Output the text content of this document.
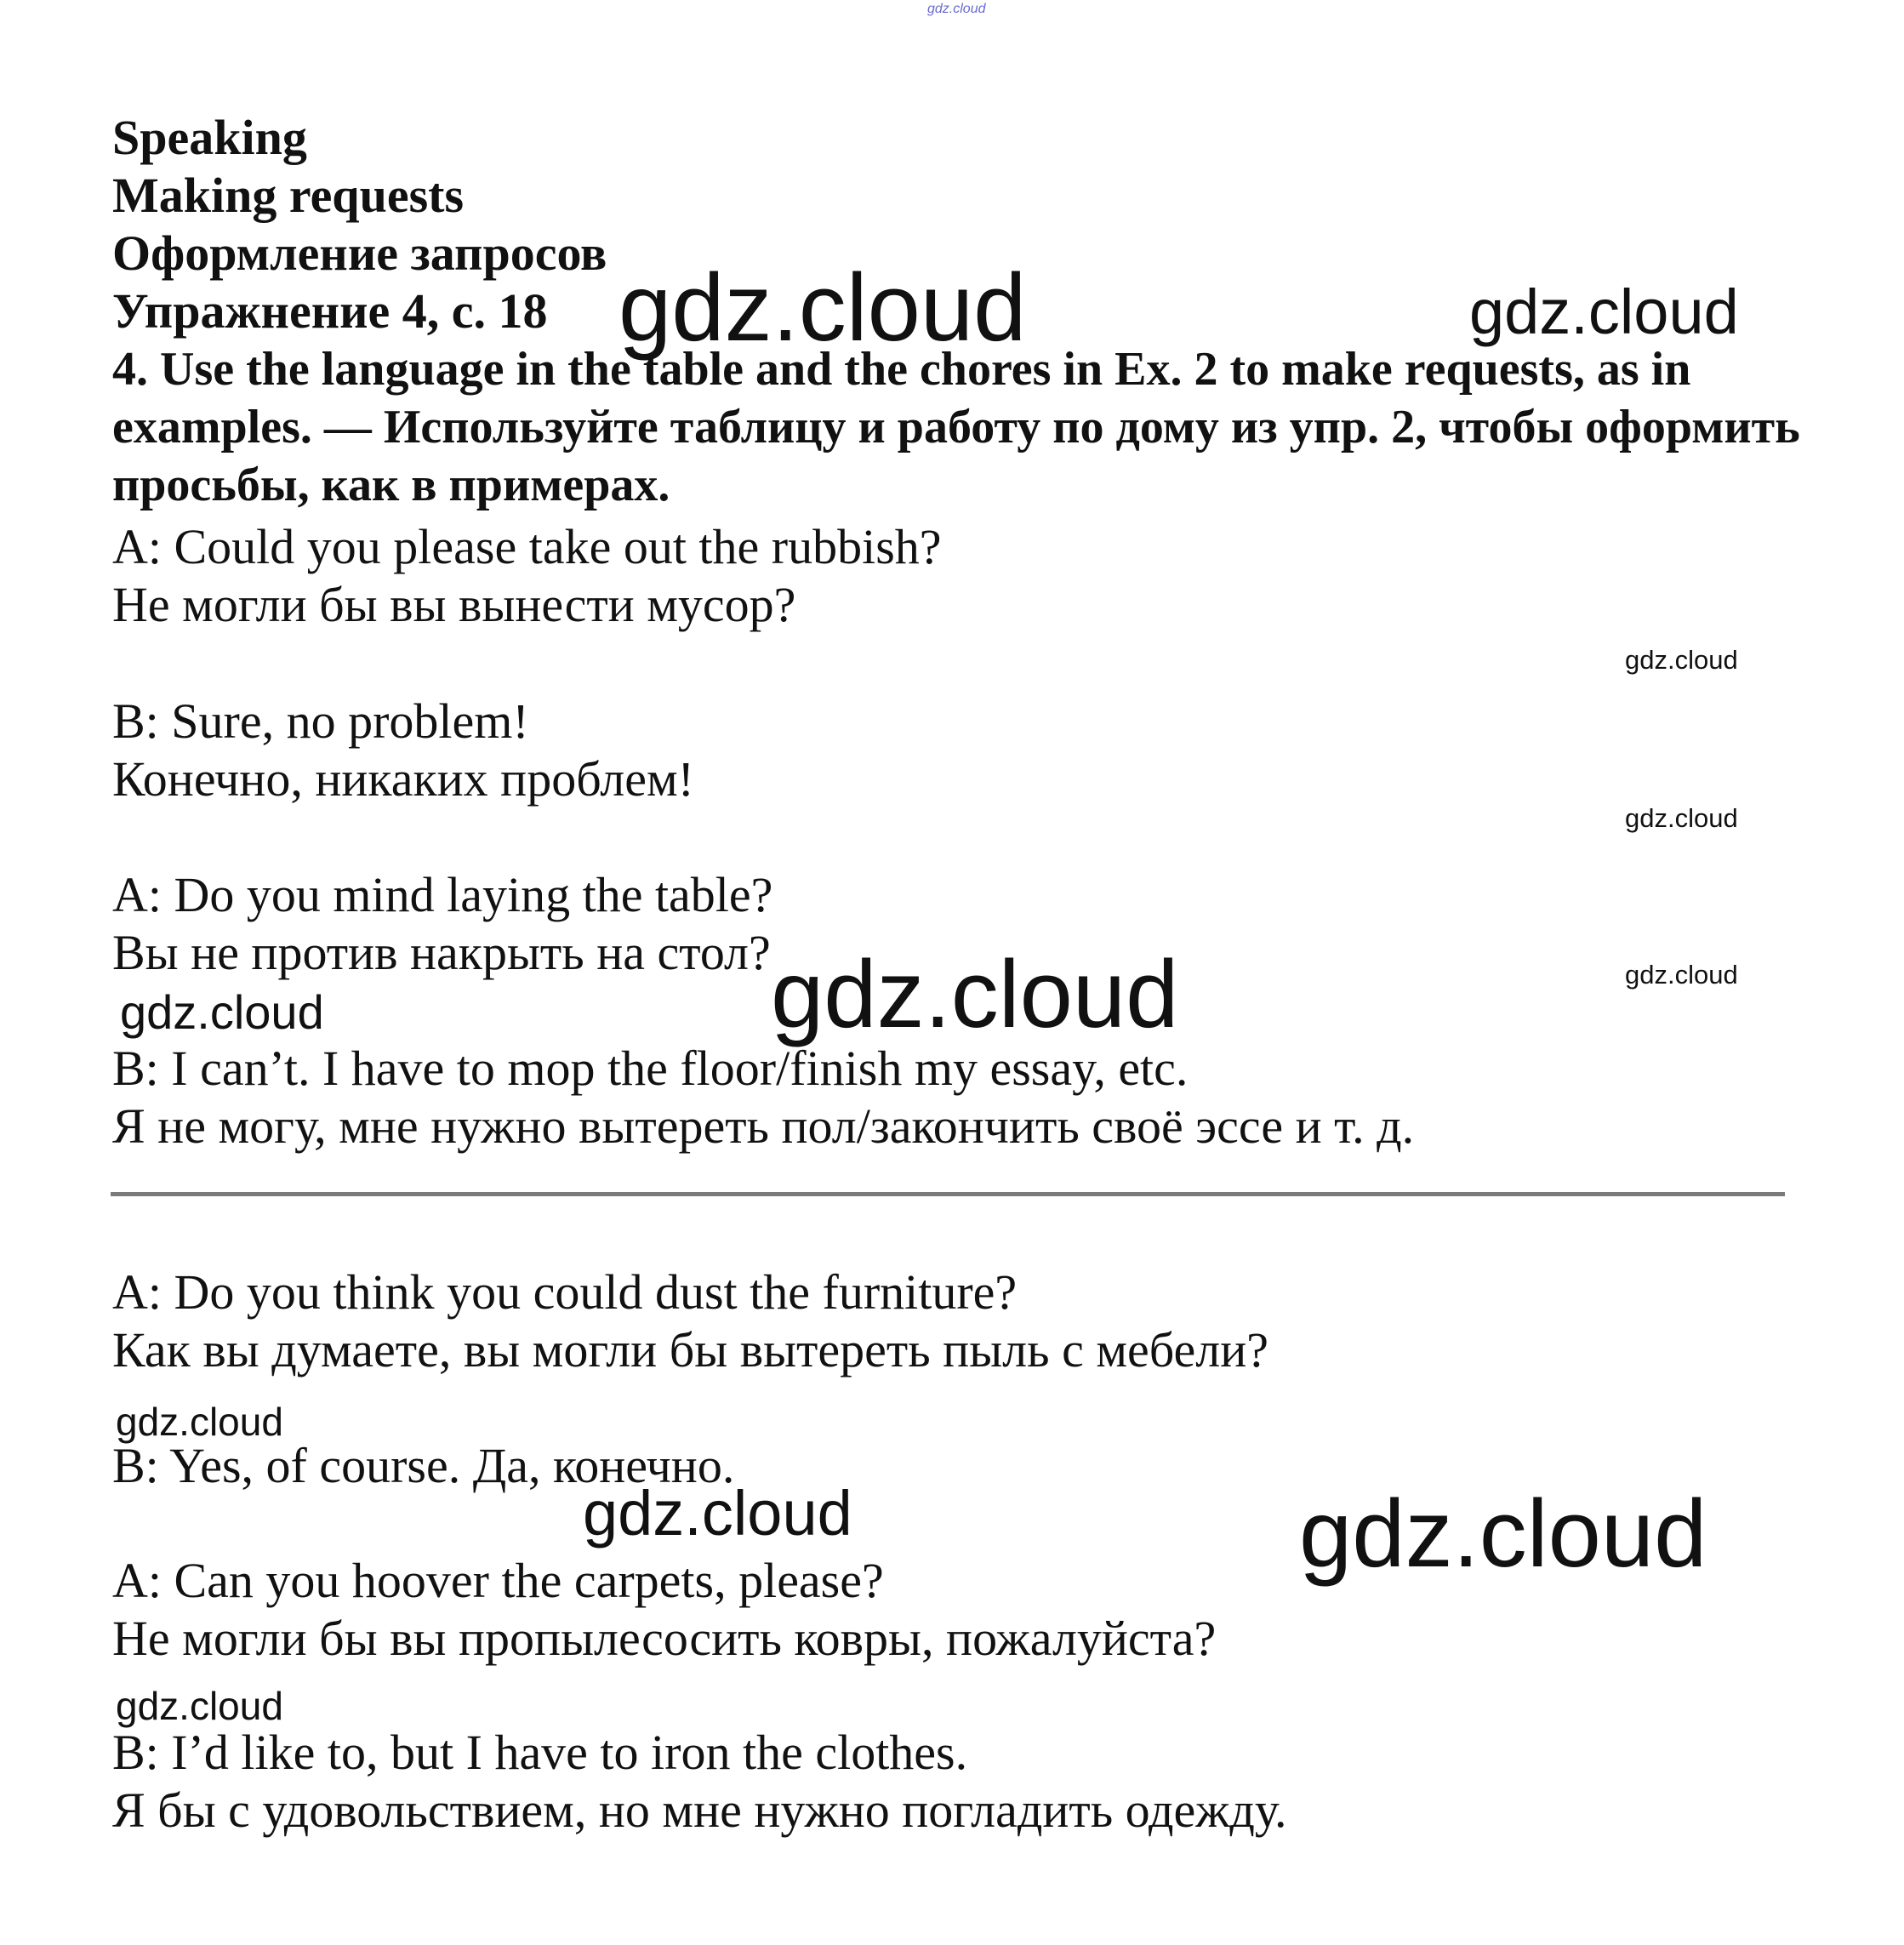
gdz.cloud
Speaking
Making requests
Оформление запросов
Упражнение 4, с. 18
4. Use the language in the table and the chores in Ex. 2 to make requests, as in examples. — Используйте таблицу и работу по дому из упр. 2, чтобы оформить просьбы, как в примерах.
A: Could you please take out the rubbish?
Не могли бы вы вынести мусор?
B: Sure, no problem!
Конечно, никаких проблем!
A: Do you mind laying the table?
Вы не против накрыть на стол?
B: I can’t. I have to mop the floor/finish my essay, etc.
Я не могу, мне нужно вытереть пол/закончить своё эссе и т. д.
A: Do you think you could dust the furniture?
Как вы думаете, вы могли бы вытереть пыль с мебели?
B: Yes, of course. Да, конечно.
A: Can you hoover the carpets, please?
Не могли бы вы пропылесосить ковры, пожалуйста?
B: I’d like to, but I have to iron the clothes.
Я бы с удовольствием, но мне нужно погладить одежду.
gdz.cloud	gdz.cloud
gdz.cloud
gdz.cloud
gdz.cloud
gdz.cloud
gdz.cloud
gdz.cloud
gdz.cloud	gdz.cloud
gdz.cloud
